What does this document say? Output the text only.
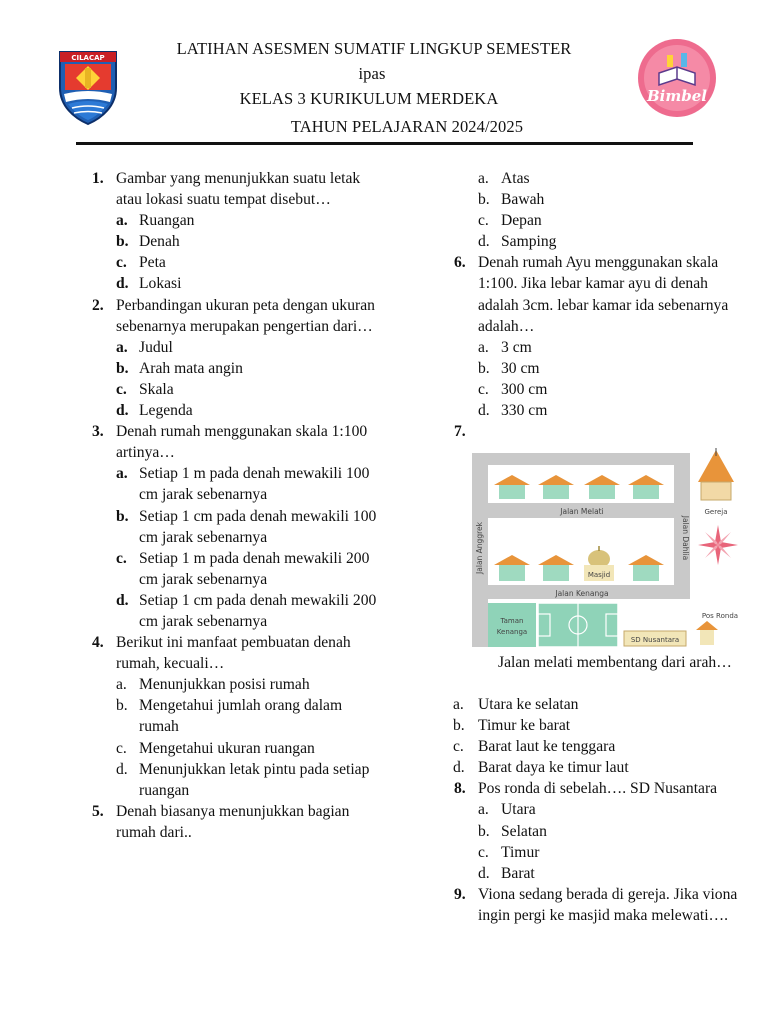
CILACAP	LATIHAN ASESMEN SUMATIF LINGKUP SEMESTER
ipas
KELAS 3 KURIKULUM MERDEKA
TAHUN PELAJARAN 2024/2025
Bimbel
1. Gambar yang menunjukkan suatu letak atau lokasi suatu tempat disebut…
a. Ruangan
b. Denah
c. Peta
d. Lokasi
2. Perbandingan ukuran peta dengan ukuran sebenarnya merupakan pengertian dari…
a. Judul
b. Arah mata angin
c. Skala
d. Legenda
3. Denah rumah menggunakan skala 1:100 artinya…
a. Setiap 1 m pada denah mewakili 100 cm jarak sebenarnya
b. Setiap 1 cm pada denah mewakili 100 cm jarak sebenarnya
c. Setiap 1 m pada denah mewakili 200 cm jarak sebenarnya
d. Setiap 1 cm pada denah mewakili 200 cm jarak sebenarnya
4. Berikut ini manfaat pembuatan denah rumah, kecuali…
a. Menunjukkan posisi rumah
b. Mengetahui jumlah orang dalam rumah
c. Mengetahui ukuran ruangan
d. Menunjukkan letak pintu pada setiap ruangan
5. Denah biasanya menunjukkan bagian rumah dari..
a. Atas
b. Bawah
c. Depan
d. Samping
6. Denah rumah Ayu menggunakan skala 1:100. Jika lebar kamar ayu di denah adalah 3cm. lebar kamar ida sebenarnya adalah…
a. 3 cm
b. 30 cm
c. 300 cm
d. 330 cm
7.

Jalan Melati
Jalan Kenanga
Jalan Anggrek	Jalan Dahlia
Masjid
Taman
Kenanga
SD Nusantara
Pos Ronda
Gereja
Jalan melati membentang dari arah…
a. Utara ke selatan
b. Timur ke barat
c. Barat laut ke tenggara
d. Barat daya ke timur laut
8. Pos ronda di sebelah…. SD Nusantara
a. Utara
b. Selatan
c. Timur
d. Barat
9. Viona sedang berada di gereja. Jika viona ingin pergi ke masjid maka melewati….
